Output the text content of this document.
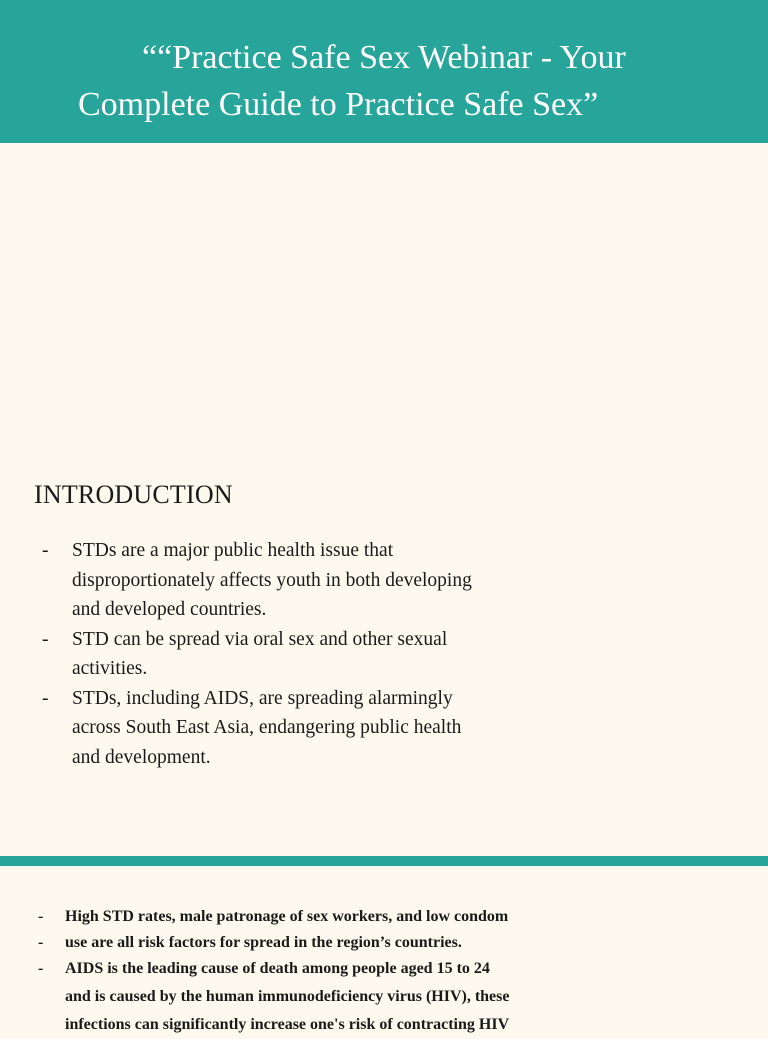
““Practice Safe Sex Webinar - Your
Complete Guide to Practice Safe Sex”
INTRODUCTION
- STDs are a major public health issue that
disproportionately affects youth in both developing
and developed countries.
- STD can be spread via oral sex and other sexual
activities.
- STDs, including AIDS, are spreading alarmingly
across South East Asia, endangering public health
and development.
- High STD rates, male patronage of sex workers, and low condom
- use are all risk factors for spread in the region’s countries.
- AIDS is the leading cause of death among people aged 15 to 24
and is caused by the human immunodeficiency virus (HIV), these
infections can significantly increase one's risk of contracting HIV
